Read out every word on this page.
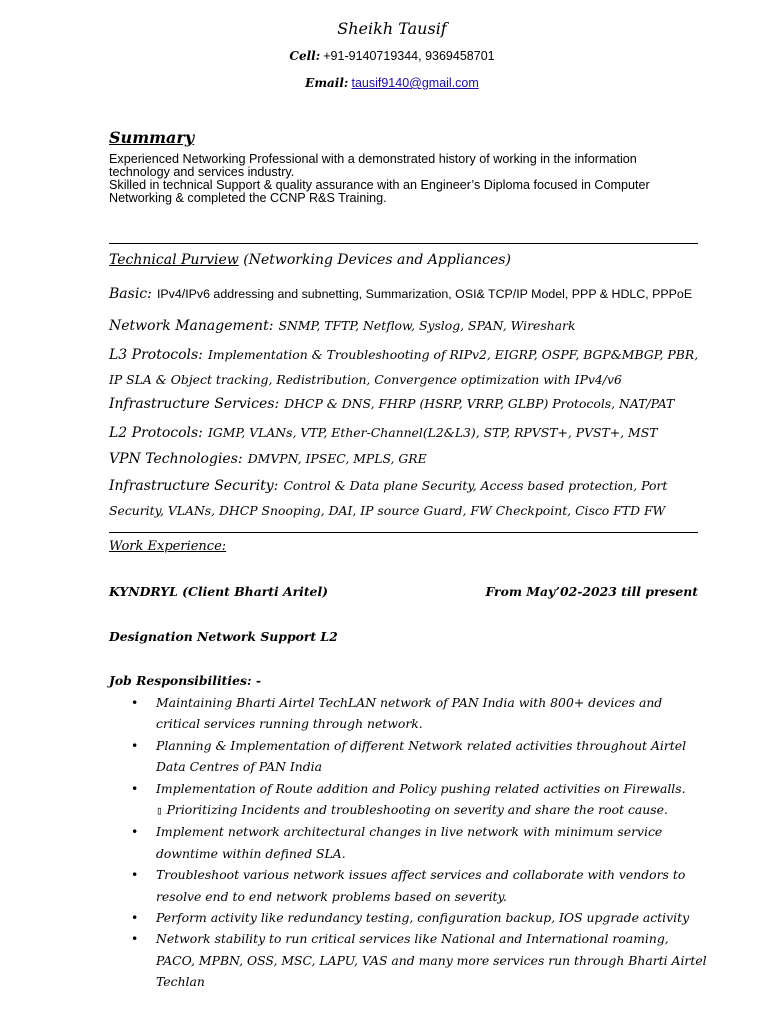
Sheikh Tausif
Cell: +91-9140719344, 9369458701
Email: tausif9140@gmail.com
Summary
Experienced Networking Professional with a demonstrated history of working in the information technology and services industry.
Skilled in technical Support & quality assurance with an Engineer’s Diploma focused in Computer Networking & completed the CCNP R&S Training.
Technical Purview (Networking Devices and Appliances)
Basic: IPv4/IPv6 addressing and subnetting, Summarization, OSI& TCP/IP Model, PPP & HDLC, PPPoE
Network Management: SNMP, TFTP, Netflow, Syslog, SPAN, Wireshark
L3 Protocols: Implementation & Troubleshooting of RIPv2, EIGRP, OSPF, BGP&MBGP, PBR, IP SLA & Object tracking, Redistribution, Convergence optimization with IPv4/v6
Infrastructure Services: DHCP & DNS, FHRP (HSRP, VRRP, GLBP) Protocols, NAT/PAT
L2 Protocols: IGMP, VLANs, VTP, Ether-Channel(L2&L3), STP, RPVST+, PVST+, MST
VPN Technologies: DMVPN, IPSEC, MPLS, GRE
Infrastructure Security: Control & Data plane Security, Access based protection, Port Security, VLANs, DHCP Snooping, DAI, IP source Guard, FW Checkpoint, Cisco FTD FW
Work Experience:
KYNDRYL (Client Bharti Aritel)	From May’02-2023 till present
Designation Network Support L2
Job Responsibilities: -
• Maintaining Bharti Airtel TechLAN network of PAN India with 800+ devices and critical services running through network.
• Planning & Implementation of different Network related activities throughout Airtel Data Centres of PAN India
• Implementation of Route addition and Policy pushing related activities on Firewalls.
▯ Prioritizing Incidents and troubleshooting on severity and share the root cause.
• Implement network architectural changes in live network with minimum service downtime within defined SLA.
• Troubleshoot various network issues affect services and collaborate with vendors to resolve end to end network problems based on severity.
• Perform activity like redundancy testing, configuration backup, IOS upgrade activity
• Network stability to run critical services like National and International roaming, PACO, MPBN, OSS, MSC, LAPU, VAS and many more services run through Bharti Airtel Techlan
